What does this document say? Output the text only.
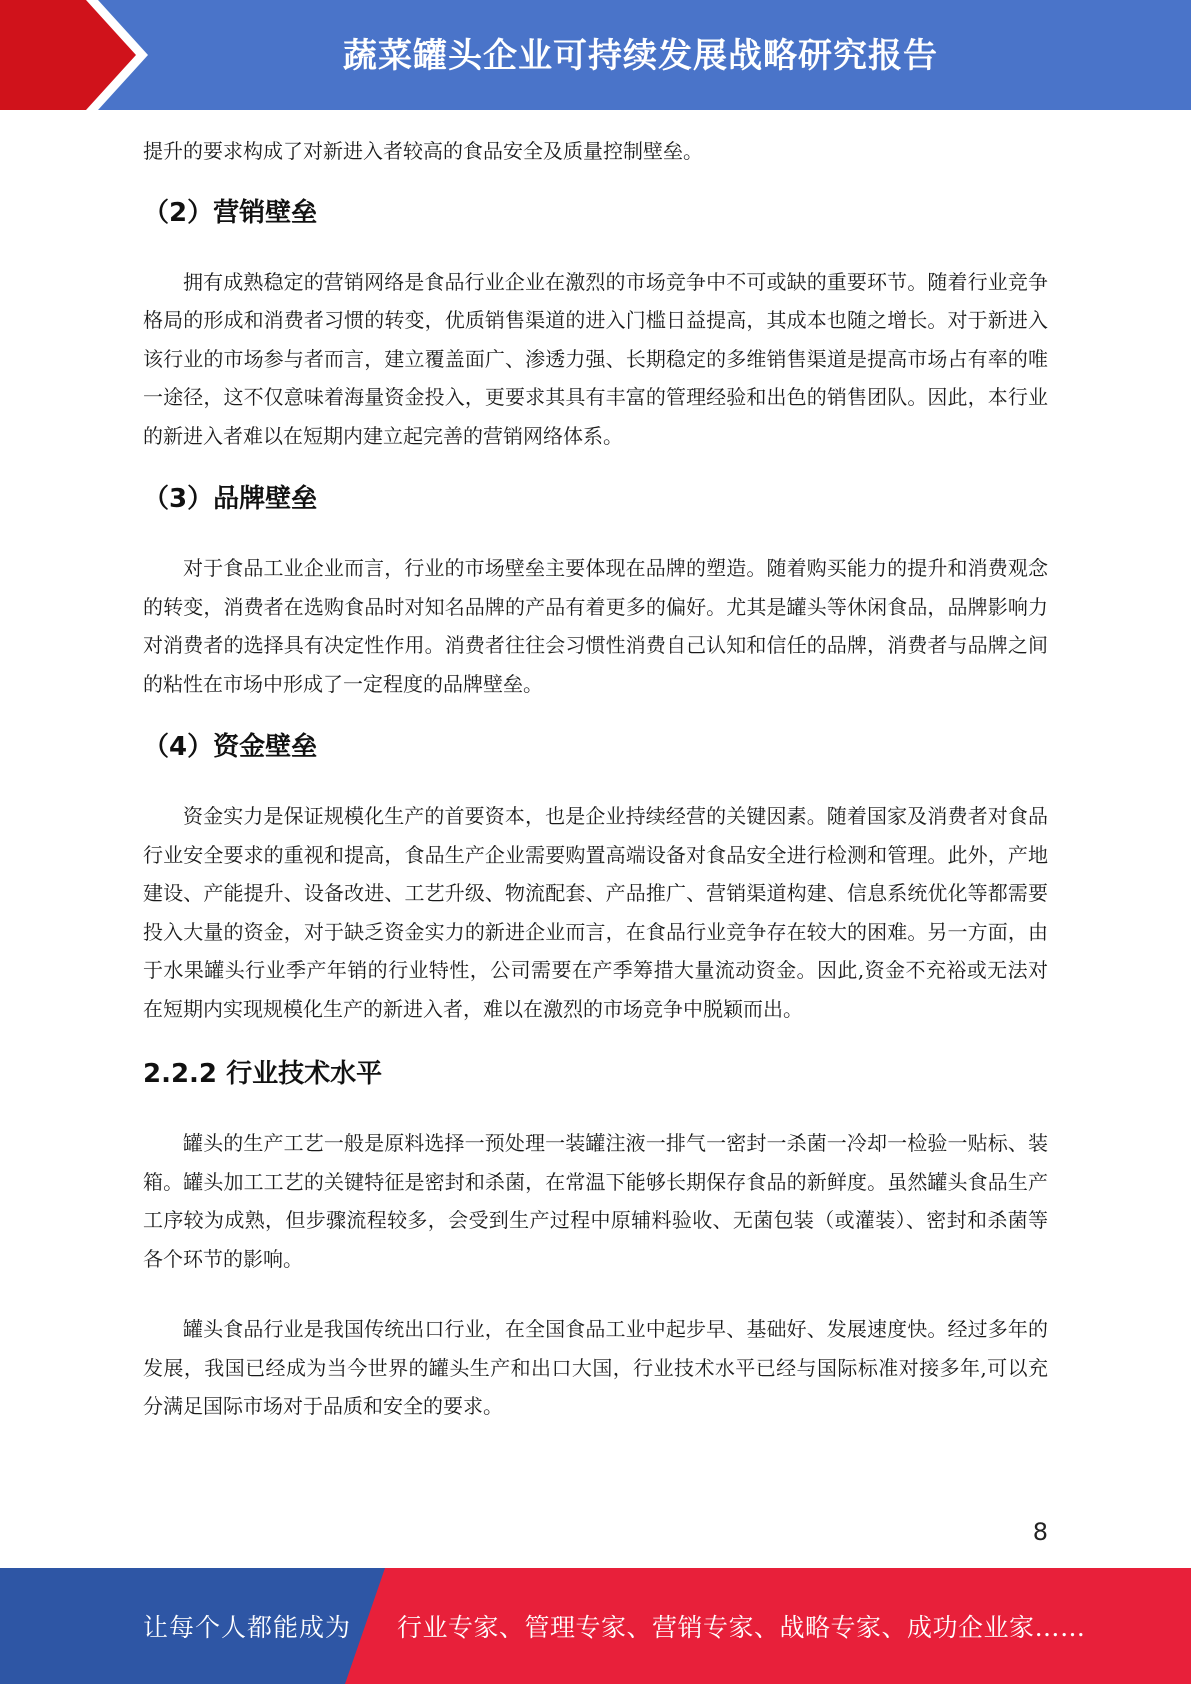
蔬菜罐头企业可持续发展战略研究报告

提升的要求构成了对新进入者较高的食品安全及质量控制壁垒。

（2）营销壁垒

拥有成熟稳定的营销网络是食品行业企业在激烈的市场竞争中不可或缺的重要环节。随着行业竞争格局的形成和消费者习惯的转变，优质销售渠道的进入门槛日益提高，其成本也随之增长。对于新进入该行业的市场参与者而言，建立覆盖面广、渗透力强、长期稳定的多维销售渠道是提高市场占有率的唯一途径，这不仅意味着海量资金投入，更要求其具有丰富的管理经验和出色的销售团队。因此，本行业的新进入者难以在短期内建立起完善的营销网络体系。

（3）品牌壁垒

对于食品工业企业而言，行业的市场壁垒主要体现在品牌的塑造。随着购买能力的提升和消费观念的转变，消费者在选购食品时对知名品牌的产品有着更多的偏好。尤其是罐头等休闲食品，品牌影响力对消费者的选择具有决定性作用。消费者往往会习惯性消费自己认知和信任的品牌，消费者与品牌之间的粘性在市场中形成了一定程度的品牌壁垒。

（4）资金壁垒

资金实力是保证规模化生产的首要资本，也是企业持续经营的关键因素。随着国家及消费者对食品行业安全要求的重视和提高，食品生产企业需要购置高端设备对食品安全进行检测和管理。此外，产地建设、产能提升、设备改进、工艺升级、物流配套、产品推广、营销渠道构建、信息系统优化等都需要投入大量的资金，对于缺乏资金实力的新进企业而言，在食品行业竞争存在较大的困难。另一方面，由于水果罐头行业季产年销的行业特性，公司需要在产季筹措大量流动资金。因此,资金不充裕或无法对在短期内实现规模化生产的新进入者，难以在激烈的市场竞争中脱颖而出。

2.2.2 行业技术水平

罐头的生产工艺一般是原料选择一预处理一装罐注液一排气一密封一杀菌一冷却一检验一贴标、装箱。罐头加工工艺的关键特征是密封和杀菌，在常温下能够长期保存食品的新鲜度。虽然罐头食品生产工序较为成熟，但步骤流程较多，会受到生产过程中原辅料验收、无菌包装（或灌装）、密封和杀菌等各个环节的影响。

罐头食品行业是我国传统出口行业，在全国食品工业中起步早、基础好、发展速度快。经过多年的发展，我国已经成为当今世界的罐头生产和出口大国，行业技术水平已经与国际标准对接多年,可以充分满足国际市场对于品质和安全的要求。

8
让每个人都能成为 行业专家、管理专家、营销专家、战略专家、成功企业家……
